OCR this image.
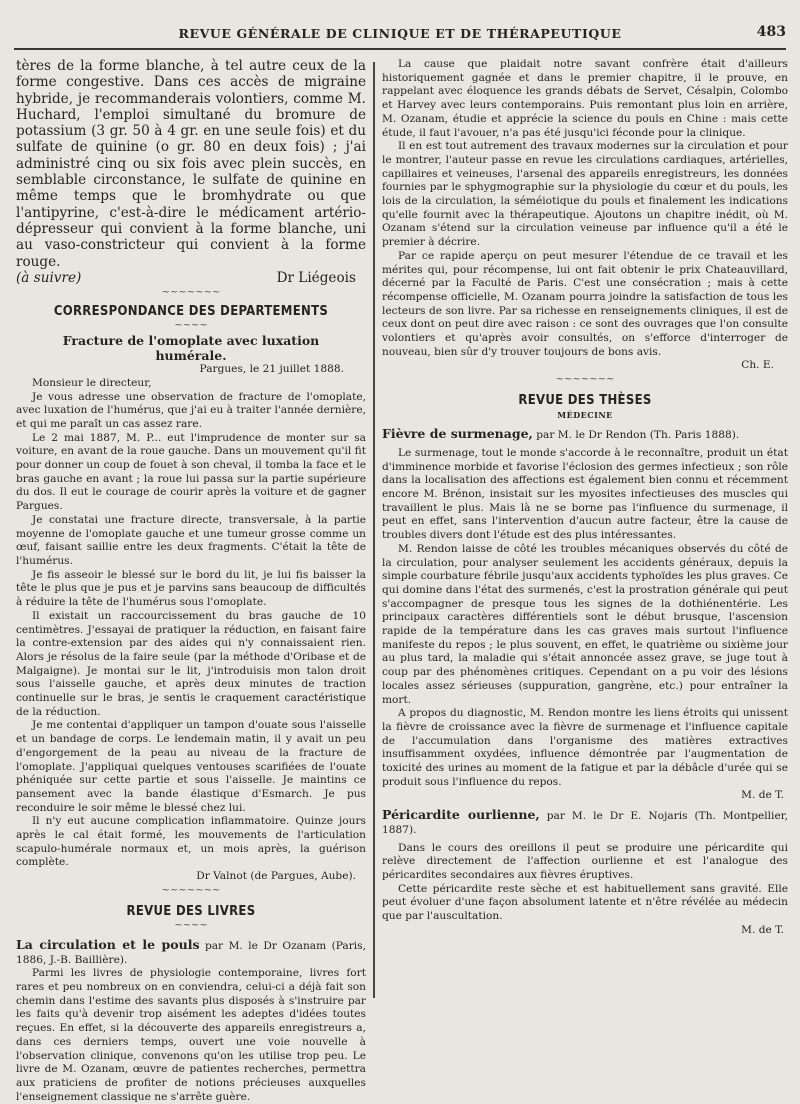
REVUE GÉNÉRALE DE CLINIQUE ET DE THÉRAPEUTIQUE	483

tères de la forme blanche, à tel autre ceux de la forme congestive. Dans ces accès de migraine hybride, je recommanderais volontiers, comme M. Huchard, l'emploi simultané du bromure de potassium (3 gr. 50 à 4 gr. en une seule fois) et du sulfate de quinine (o gr. 80 en deux fois) ; j'ai administré cinq ou six fois avec plein succès, en semblable circonstance, le sulfate de quinine en même temps que le bromhydrate ou que l'antipyrine, c'est-à-dire le médicament artério-dépresseur qui convient à la forme blanche, uni au vaso-constricteur qui convient à la forme rouge.

(à suivre)	Dr Liégeois
~~~~~~~
CORRESPONDANCE DES DEPARTEMENTS
~~~~
Fracture de l'omoplate avec luxation humérale.

Pargues, le 21 juillet 1888.

Monsieur le directeur,

Je vous adresse une observation de fracture de l'omoplate, avec luxation de l'humérus, que j'ai eu à traiter l'année dernière, et qui me paraît un cas assez rare.

Le 2 mai 1887, M. P... eut l'imprudence de monter sur sa voiture, en avant de la roue gauche. Dans un mouvement qu'il fit pour donner un coup de fouet à son cheval, il tomba la face et le bras gauche en avant ; la roue lui passa sur la partie supérieure du dos. Il eut le courage de courir après la voiture et de gagner Pargues.

Je constatai une fracture directe, transversale, à la partie moyenne de l'omoplate gauche et une tumeur grosse comme un œuf, faisant saillie entre les deux fragments. C'était la tête de l'humérus.

Je fis asseoir le blessé sur le bord du lit, je lui fis baisser la tête le plus que je pus et je parvins sans beaucoup de difficultés à réduire la tête de l'humérus sous l'omoplate.

Il existait un raccourcissement du bras gauche de 10 centimètres. J'essayai de pratiquer la réduction, en faisant faire la contre-extension par des aides qui n'y connaissaient rien. Alors je résolus de la faire seule (par la méthode d'Oribase et de Malgaigne). Je montai sur le lit, j'introduisis mon talon droit sous l'aisselle gauche, et après deux minutes de traction continuelle sur le bras, je sentis le craquement caractéristique de la réduction.

Je me contentai d'appliquer un tampon d'ouate sous l'aisselle et un bandage de corps. Le lendemain matin, il y avait un peu d'engorgement de la peau au niveau de la fracture de l'omoplate. J'appliquai quelques ventouses scarifiées de l'ouate phéniquée sur cette partie et sous l'aisselle. Je maintins ce pansement avec la bande élastique d'Esmarch. Je pus reconduire le soir même le blessé chez lui.

Il n'y eut aucune complication inflammatoire. Quinze jours après le cal était formé, les mouvements de l'articulation scapulo-humérale normaux et, un mois après, la guérison complète.

Dr Valnot (de Pargues, Aube).

~~~~~~~
REVUE DES LIVRES
~~~~

La circulation et le pouls par M. le Dr Ozanam (Paris, 1886, J.-B. Baillière).

Parmi les livres de physiologie contemporaine, livres fort rares et peu nombreux on en conviendra, celui-ci a déjà fait son chemin dans l'estime des savants plus disposés à s'instruire par les faits qu'à devenir trop aisément les adeptes d'idées toutes reçues. En effet, si la découverte des appareils enregistreurs a, dans ces derniers temps, ouvert une voie nouvelle à l'observation clinique, convenons qu'on les utilise trop peu. Le livre de M. Ozanam, œuvre de patientes recherches, permettra aux praticiens de profiter de notions précieuses auxquelles l'enseignement classique ne s'arrête guère.

La cause que plaidait notre savant confrère était d'ailleurs historiquement gagnée et dans le premier chapitre, il le prouve, en rappelant avec éloquence les grands débats de Servet, Césalpin, Colombo et Harvey avec leurs contemporains. Puis remontant plus loin en arrière, M. Ozanam, étudie et apprécie la science du pouls en Chine : mais cette étude, il faut l'avouer, n'a pas été jusqu'ici féconde pour la clinique.

Il en est tout autrement des travaux modernes sur la circulation et pour le montrer, l'auteur passe en revue les circulations cardiaques, artérielles, capillaires et veineuses, l'arsenal des appareils enregistreurs, les données fournies par le sphygmographie sur la physiologie du cœur et du pouls, les lois de la circulation, la séméiotique du pouls et finalement les indications qu'elle fournit avec la thérapeutique. Ajoutons un chapitre inédit, où M. Ozanam s'étend sur la circulation veineuse par influence qu'il a été le premier à décrire.

Par ce rapide aperçu on peut mesurer l'étendue de ce travail et les mérites qui, pour récompense, lui ont fait obtenir le prix Chateauvillard, décerné par la Faculté de Paris. C'est une consécration ; mais à cette récompense officielle, M. Ozanam pourra joindre la satisfaction de tous les lecteurs de son livre. Par sa richesse en renseignements cliniques, il est de ceux dont on peut dire avec raison : ce sont des ouvrages que l'on consulte volontiers et qu'après avoir consultés, on s'efforce d'interroger de nouveau, bien sûr d'y trouver toujours de bons avis.

Ch. E.

~~~~~~~
REVUE DES THÈSES
MÉDECINE

Fièvre de surmenage, par M. le Dr Rendon (Th. Paris 1888).

Le surmenage, tout le monde s'accorde à le reconnaître, produit un état d'imminence morbide et favorise l'éclosion des germes infectieux ; son rôle dans la localisation des affections est également bien connu et récemment encore M. Brénon, insistait sur les myosites infectieuses des muscles qui travaillent le plus. Mais là ne se borne pas l'influence du surmenage, il peut en effet, sans l'intervention d'aucun autre facteur, être la cause de troubles divers dont l'étude est des plus intéressantes.

M. Rendon laisse de côté les troubles mécaniques observés du côté de la circulation, pour analyser seulement les accidents généraux, depuis la simple courbature fébrile jusqu'aux accidents typhoïdes les plus graves. Ce qui domine dans l'état des surmenés, c'est la prostration générale qui peut s'accompagner de presque tous les signes de la dothiénentérie. Les principaux caractères différentiels sont le début brusque, l'ascension rapide de la température dans les cas graves mais surtout l'influence manifeste du repos ; le plus souvent, en effet, le quatrième ou sixième jour au plus tard, la maladie qui s'était annoncée assez grave, se juge tout à coup par des phénomènes critiques. Cependant on a pu voir des lésions locales assez sérieuses (suppuration, gangrène, etc.) pour entraîner la mort.

A propos du diagnostic, M. Rendon montre les liens étroits qui unissent la fièvre de croissance avec la fièvre de surmenage et l'influence capitale de l'accumulation dans l'organisme des matières extractives insuffisamment oxydées, influence démontrée par l'augmentation de toxicité des urines au moment de la fatigue et par la débâcle d'urée qui se produit sous l'influence du repos.

M. de T.

Péricardite ourlienne, par M. le Dr E. Nojaris (Th. Montpellier, 1887).

Dans le cours des oreillons il peut se produire une péricardite qui relève directement de l'affection ourlienne et est l'analogue des péricardites secondaires aux fièvres éruptives.

Cette péricardite reste sèche et est habituellement sans gravité. Elle peut évoluer d'une façon absolument latente et n'être révélée au médecin que par l'auscultation.

M. de T.
